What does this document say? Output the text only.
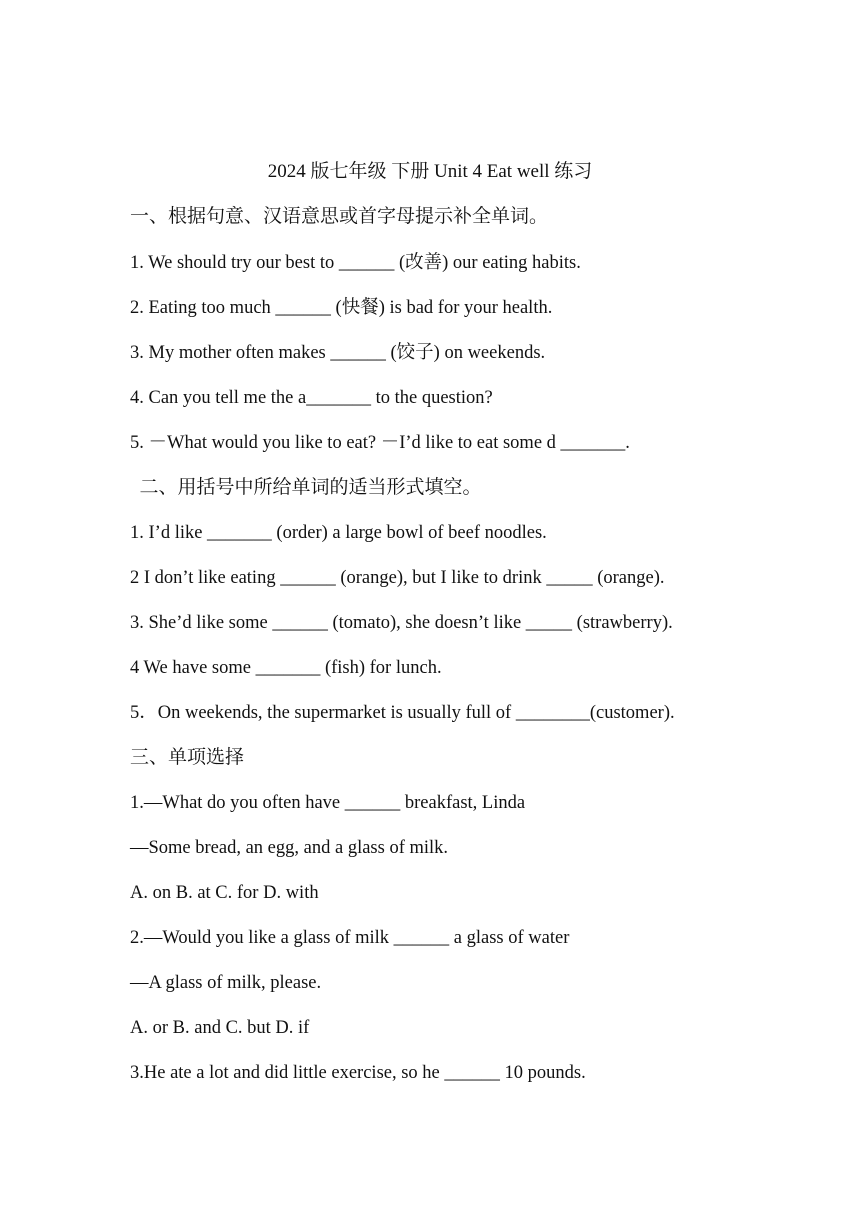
2024 版七年级 下册 Unit 4 Eat well 练习
一、根据句意、汉语意思或首字母提示补全单词。
1. We should try our best to ______ (改善) our eating habits.
2. Eating too much ______ (快餐) is bad for your health.
3. My mother often makes ______ (饺子) on weekends.
4. Can you tell me the a_______ to the question?
5. －What would you like to eat? －I’d like to eat some d _______.
二、用括号中所给单词的适当形式填空。
1. I’d like _______ (order) a large bowl of beef noodles.
2 I don’t like eating ______ (orange), but I like to drink _____ (orange).
3. She’d like some ______ (tomato), she doesn’t like _____ (strawberry).
4 We have some _______ (fish) for lunch.
5．On weekends, the supermarket is usually full of ________(customer).
三、单项选择
1.—What do you often have ______ breakfast, Linda
—Some bread, an egg, and a glass of milk.
A. on B. at C. for D. with
2.—Would you like a glass of milk ______ a glass of water
—A glass of milk, please.
A. or B. and C. but D. if
3.He ate a lot and did little exercise, so he ______ 10 pounds.
